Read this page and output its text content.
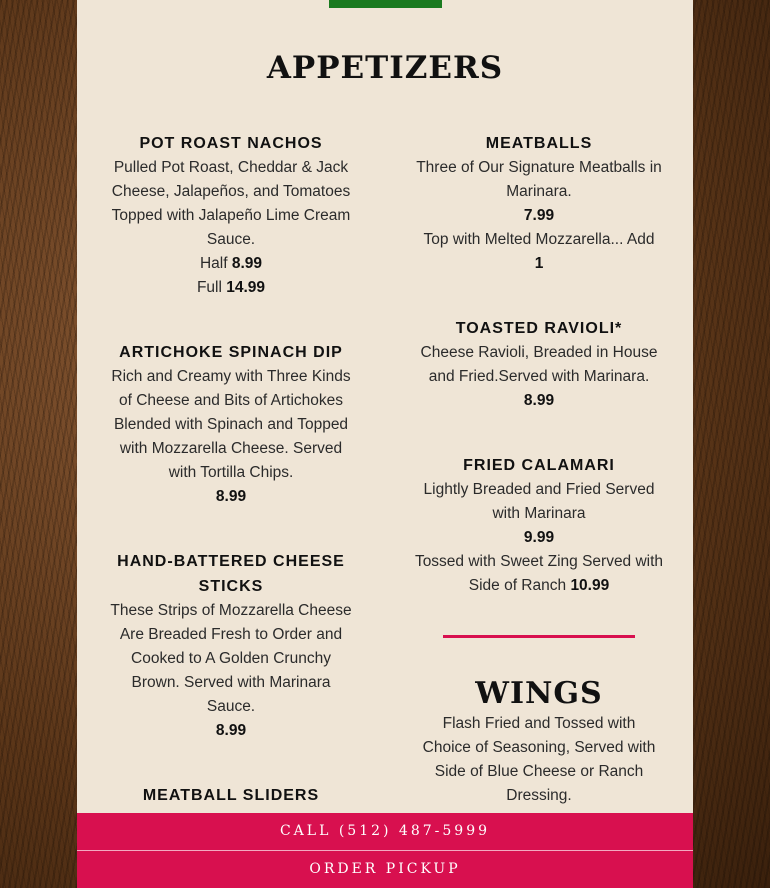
APPETIZERS

POT ROAST NACHOS

Pulled Pot Roast, Cheddar & Jack Cheese, Jalapeños, and Tomatoes Topped with Jalapeño Lime Cream Sauce.

Half 8.99

Full 14.99

ARTICHOKE SPINACH DIP

Rich and Creamy with Three Kinds of Cheese and Bits of Artichokes Blended with Spinach and Topped with Mozzarella Cheese. Served with Tortilla Chips.

8.99

HAND-BATTERED CHEESE STICKS

These Strips of Mozzarella Cheese Are Breaded Fresh to Order and Cooked to A Golden Crunchy Brown. Served with Marinara Sauce.

8.99

MEATBALL SLIDERS

MEATBALLS

Three of Our Signature Meatballs in Marinara.

7.99

Top with Melted Mozzarella... Add

1

TOASTED RAVIOLI*

Cheese Ravioli, Breaded in House and Fried.Served with Marinara.

8.99

FRIED CALAMARI

Lightly Breaded and Fried Served with Marinara

9.99

Tossed with Sweet Zing Served with Side of Ranch 10.99

WINGS

Flash Fried and Tossed with Choice of Seasoning, Served with Side of Blue Cheese or Ranch Dressing.

CALL (512) 487-5999
ORDER PICKUP
